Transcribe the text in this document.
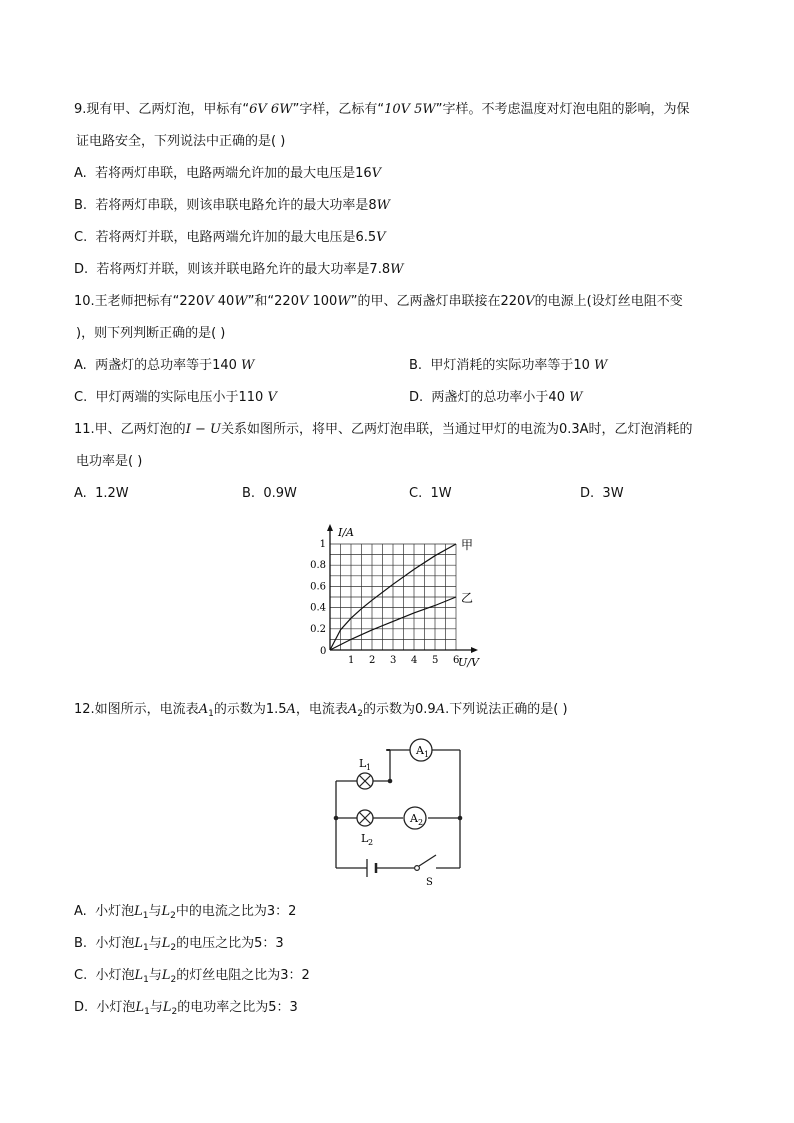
9.现有甲、乙两灯泡，甲标有“6V 6W”字样，乙标有“10V 5W”字样。不考虑温度对灯泡电阻的影响，为保
证电路安全，下列说法中正确的是( )
A. 若将两灯串联，电路两端允许加的最大电压是16V
B. 若将两灯串联，则该串联电路允许的最大功率是8W
C. 若将两灯并联，电路两端允许加的最大电压是6.5V
D. 若将两灯并联，则该并联电路允许的最大功率是7.8W
10.王老师把标有“220V 40W”和“220V 100W”的甲、乙两盏灯串联接在220V的电源上(设灯丝电阻不变
)，则下列判断正确的是( )
A. 两盏灯的总功率等于140 W	B. 甲灯消耗的实际功率等于10 W
C. 甲灯两端的实际电压小于110 V	D. 两盏灯的总功率小于40 W
11.甲、乙两灯泡的I − U关系如图所示，将甲、乙两灯泡串联，当通过甲灯的电流为0.3A时，乙灯泡消耗的
电功率是( )
A. 1.2W	B. 0.9W	C. 1W	D. 3W
甲
乙
1 2 3 4 5 6
0.2
0.4
0.6
0.8
1
0
I/A
U/V
12.如图所示，电流表$A_1$的示数为1.5A，电流表$A_2$的示数为0.9A.下列说法正确的是( )
A 1
A 2
L 1
L 2
S
A. 小灯泡$L_1$与$L_2$中的电流之比为3：2
B. 小灯泡$L_1$与$L_2$的电压之比为5：3
C. 小灯泡$L_1$与$L_2$的灯丝电阻之比为3：2
D. 小灯泡$L_1$与$L_2$的电功率之比为5：3
